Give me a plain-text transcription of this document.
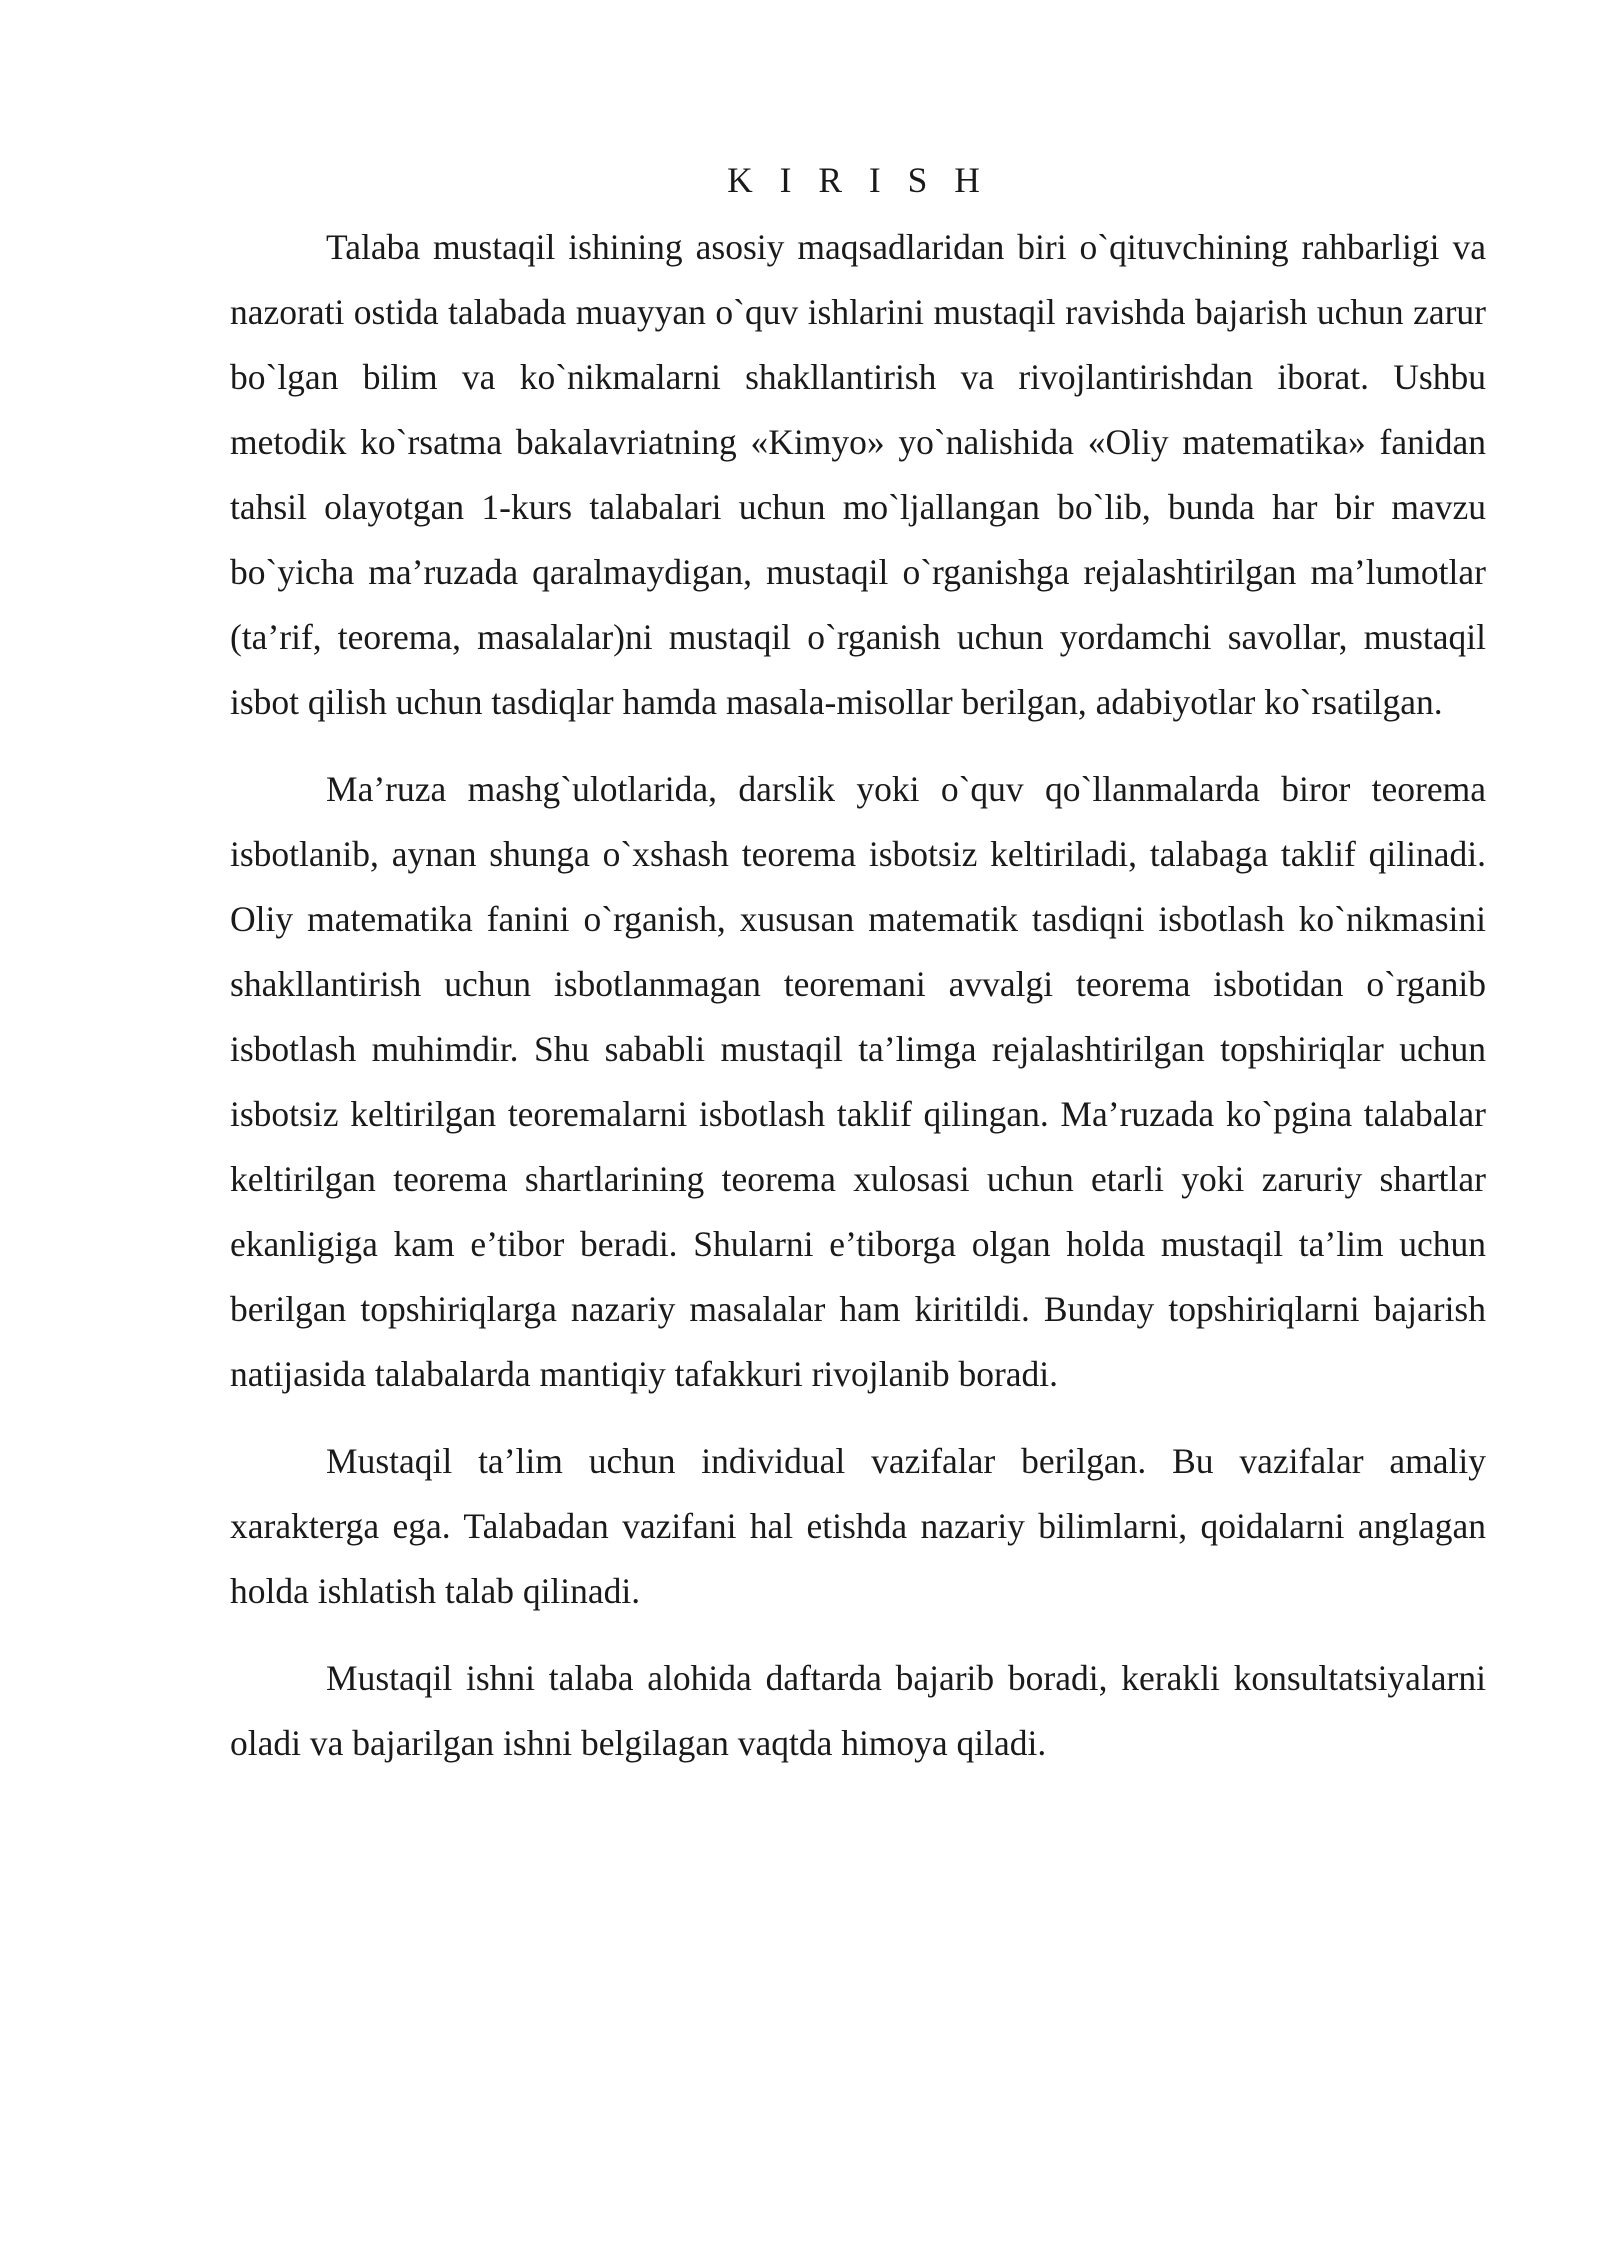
K I R I S H

Talaba mustaqil ishining asosiy maqsadlaridan biri o`qituvchining rahbarligi va nazorati ostida talabada muayyan o`quv ishlarini mustaqil ravishda bajarish uchun zarur bo`lgan bilim va ko`nikmalarni shakllantirish va rivojlantirishdan iborat. Ushbu metodik ko`rsatma bakalavriatning «Kimyo» yo`nalishida «Oliy matematika» fanidan tahsil olayotgan 1-kurs talabalari uchun mo`ljallangan bo`lib, bunda har bir mavzu bo`yicha ma’ruzada qaralmaydigan, mustaqil o`rganishga rejalashtirilgan ma’lumotlar (ta’rif, teorema, masalalar)ni mustaqil o`rganish uchun yordamchi savollar, mustaqil isbot qilish uchun tasdiqlar hamda masala-misollar berilgan, adabiyotlar ko`rsatilgan.

Ma’ruza mashg`ulotlarida, darslik yoki o`quv qo`llanmalarda biror teorema isbotlanib, aynan shunga o`xshash teorema isbotsiz keltiriladi, talabaga taklif qilinadi. Oliy matematika fanini o`rganish, xususan matematik tasdiqni isbotlash ko`nikmasini shakllantirish uchun isbotlanmagan teoremani avvalgi teorema isbotidan o`rganib isbotlash muhimdir. Shu sababli mustaqil ta’limga rejalashtirilgan topshiriqlar uchun isbotsiz keltirilgan teoremalarni isbotlash taklif qilingan. Ma’ruzada ko`pgina talabalar keltirilgan teorema shartlarining teorema xulosasi uchun etarli yoki zaruriy shartlar ekanligiga kam e’tibor beradi. Shularni e’tiborga olgan holda mustaqil ta’lim uchun berilgan topshiriqlarga nazariy masalalar ham kiritildi. Bunday topshiriqlarni bajarish natijasida talabalarda mantiqiy tafakkuri rivojlanib boradi.

Mustaqil ta’lim uchun individual vazifalar berilgan. Bu vazifalar amaliy xarakterga ega. Talabadan vazifani hal etishda nazariy bilimlarni, qoidalarni anglagan holda ishlatish talab qilinadi.

Mustaqil ishni talaba alohida daftarda bajarib boradi, kerakli konsultatsiyalarni oladi va bajarilgan ishni belgilagan vaqtda himoya qiladi.
